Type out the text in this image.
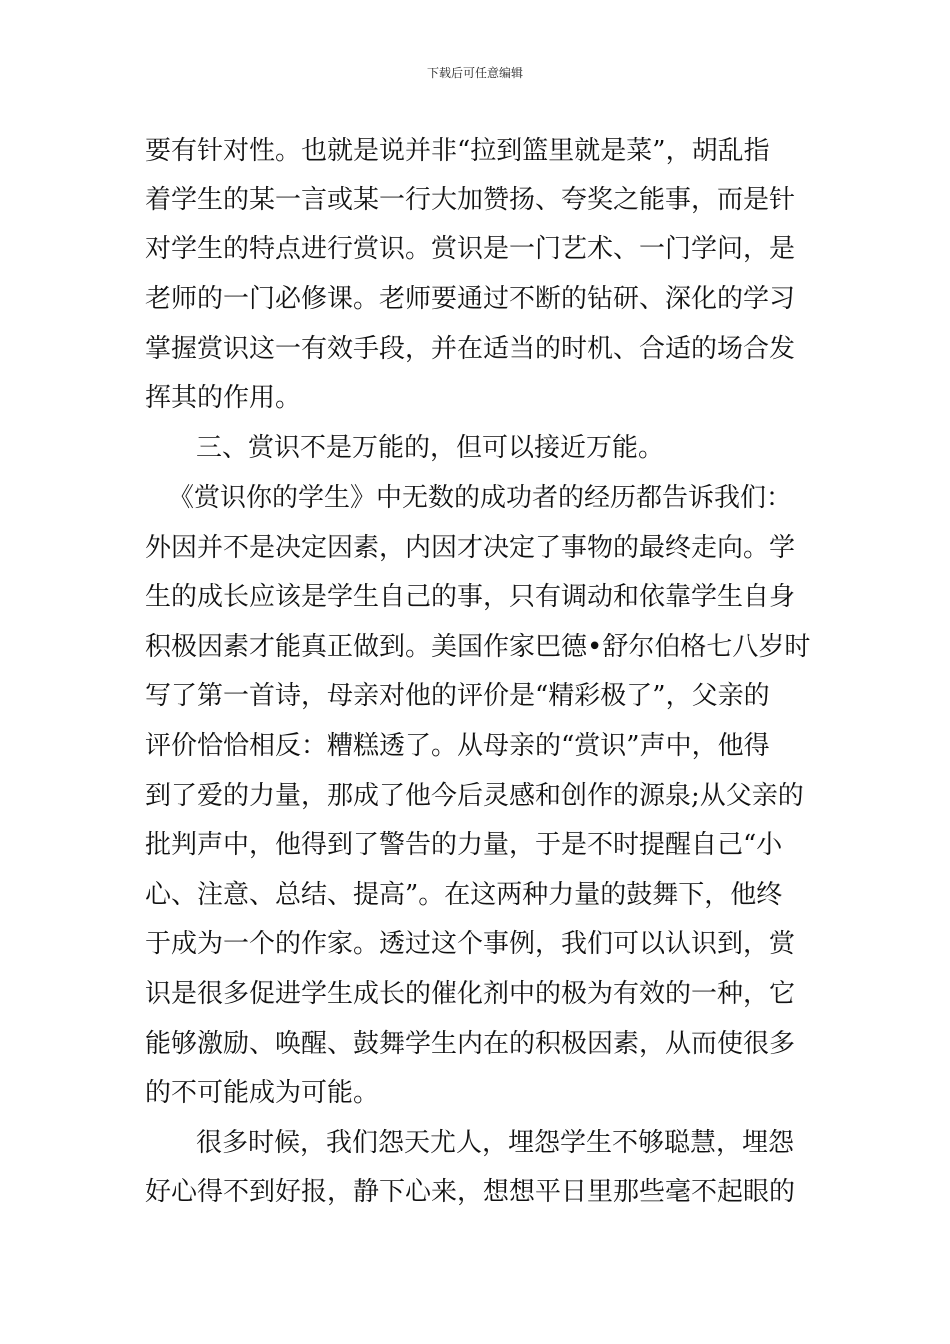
下载后可任意编辑
要有针对性。也就是说并非“拉到篮里就是菜”，胡乱指
着学生的某一言或某一行大加赞扬、夸奖之能事，而是针
对学生的特点进行赏识。赏识是一门艺术、一门学问，是
老师的一门必修课。老师要通过不断的钻研、深化的学习
掌握赏识这一有效手段，并在适当的时机、合适的场合发
挥其的作用。
三、赏识不是万能的，但可以接近万能。
《赏识你的学生》中无数的成功者的经历都告诉我们：
外因并不是决定因素，内因才决定了事物的最终走向。学
生的成长应该是学生自己的事，只有调动和依靠学生自身
积极因素才能真正做到。美国作家巴德•舒尔伯格七八岁时
写了第一首诗，母亲对他的评价是“精彩极了”，父亲的
评价恰恰相反：糟糕透了。从母亲的“赏识”声中，他得
到了爱的力量，那成了他今后灵感和创作的源泉;从父亲的
批判声中，他得到了警告的力量，于是不时提醒自己“小
心、注意、总结、提高”。在这两种力量的鼓舞下，他终
于成为一个的作家。透过这个事例，我们可以认识到，赏
识是很多促进学生成长的催化剂中的极为有效的一种，它
能够激励、唤醒、鼓舞学生内在的积极因素，从而使很多
的不可能成为可能。
很多时候，我们怨天尤人，埋怨学生不够聪慧，埋怨
好心得不到好报，静下心来，想想平日里那些毫不起眼的
